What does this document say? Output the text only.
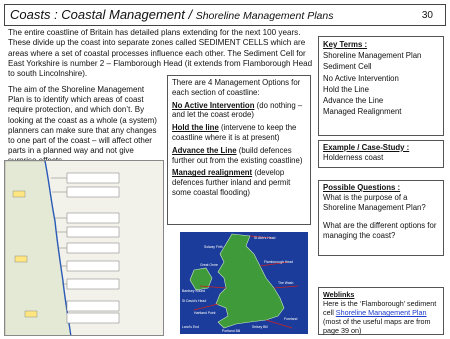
Coasts : Coastal Management / Shoreline Management Plans	30
The entire coastline of Britain has detailed plans extending for the next 100 years. These divide up the coast into separate zones called SEDIMENT CELLS which are areas where a set of coastal processes influence each other. The Sediment Cell for East Yorkshire is number 2 – Flamborough Head (it extends from Flamborough Head to south Lincolnshire).
The aim of the Shoreline Management Plan is to identify which areas of coast require protection, and which don’t. By looking at the coast as a whole (a system) planners can make sure that any changes to one part of the coast – will affect other parts in a planned way and not give

There are 4 Management Options for each section of coastline:

No Active Intervention (do nothing – and let the coast erode)

Hold the line (intervene to keep the coastline where it is at present)

Advance the Line (build defences further out from the existing coastline)

Managed realignment (develop defences further inland and permit some coastal flooding)

Key Terms :
Shoreline Management Plan
Sediment Cell
No Active Intervention
Hold the Line
Advance the Line
Managed Realignment
Example / Case-Study :
Holderness coast
Possible Questions :

What is the purpose of a Shoreline Management Plan?

What are the different options for managing the coast?

Weblinks
Here is the ‘Flamborough’ sediment cell Shoreline Management Plan (most of the useful maps are from page 39 on)
St Abb's Head
Flamborough Head
The Wash
Solway Firth
Great Orme
Bardsey Sound
St David's Head
Hartland Point
Land's End
Portland Bill
Selsey Bill
Foreland
